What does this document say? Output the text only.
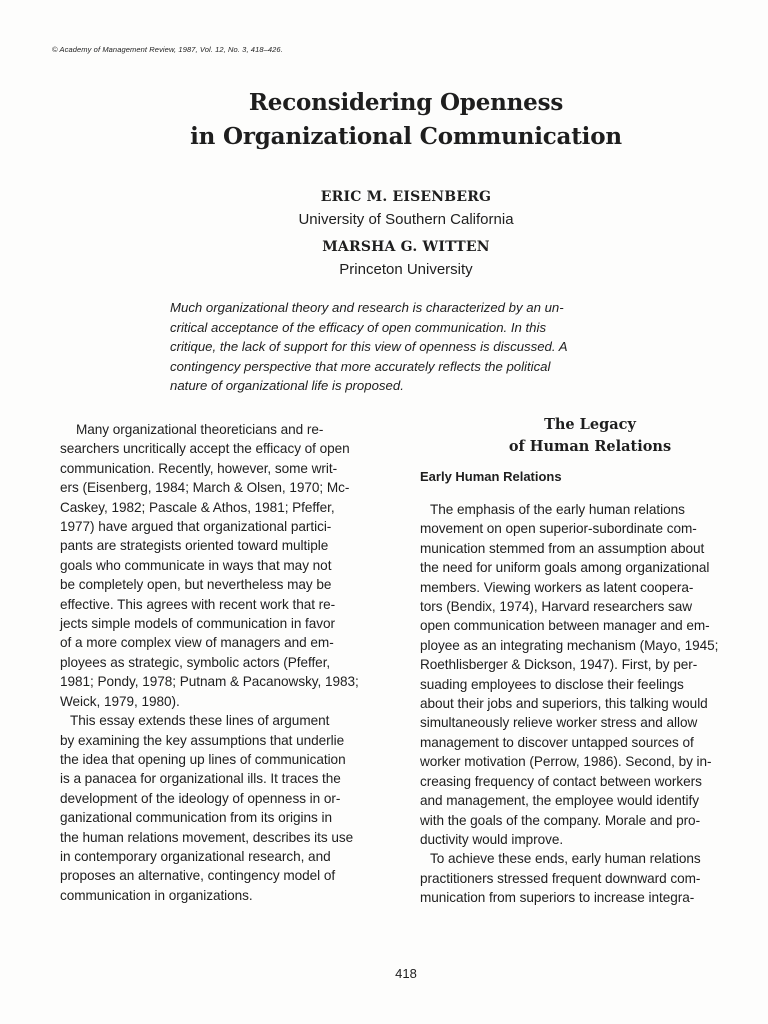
© Academy of Management Review, 1987, Vol. 12, No. 3, 418–426.
Reconsidering Openness
in Organizational Communication
ERIC M. EISENBERG
University of Southern California
MARSHA G. WITTEN
Princeton University
Much organizational theory and research is characterized by an un-
critical acceptance of the efficacy of open communication. In this
critique, the lack of support for this view of openness is discussed. A
contingency perspective that more accurately reflects the political
nature of organizational life is proposed.
Many organizational theoreticians and re-
searchers uncritically accept the efficacy of open
communication. Recently, however, some writ-
ers (Eisenberg, 1984; March & Olsen, 1970; Mc-
Caskey, 1982; Pascale & Athos, 1981; Pfeffer,
1977) have argued that organizational partici-
pants are strategists oriented toward multiple
goals who communicate in ways that may not
be completely open, but nevertheless may be
effective. This agrees with recent work that re-
jects simple models of communication in favor
of a more complex view of managers and em-
ployees as strategic, symbolic actors (Pfeffer,
1981; Pondy, 1978; Putnam & Pacanowsky, 1983;
Weick, 1979, 1980).
This essay extends these lines of argument
by examining the key assumptions that underlie
the idea that opening up lines of communication
is a panacea for organizational ills. It traces the
development of the ideology of openness in or-
ganizational communication from its origins in
the human relations movement, describes its use
in contemporary organizational research, and
proposes an alternative, contingency model of
communication in organizations.
The Legacy
of Human Relations
Early Human Relations
The emphasis of the early human relations
movement on open superior-subordinate com-
munication stemmed from an assumption about
the need for uniform goals among organizational
members. Viewing workers as latent coopera-
tors (Bendix, 1974), Harvard researchers saw
open communication between manager and em-
ployee as an integrating mechanism (Mayo, 1945;
Roethlisberger & Dickson, 1947). First, by per-
suading employees to disclose their feelings
about their jobs and superiors, this talking would
simultaneously relieve worker stress and allow
management to discover untapped sources of
worker motivation (Perrow, 1986). Second, by in-
creasing frequency of contact between workers
and management, the employee would identify
with the goals of the company. Morale and pro-
ductivity would improve.
To achieve these ends, early human relations
practitioners stressed frequent downward com-
munication from superiors to increase integra-
418
